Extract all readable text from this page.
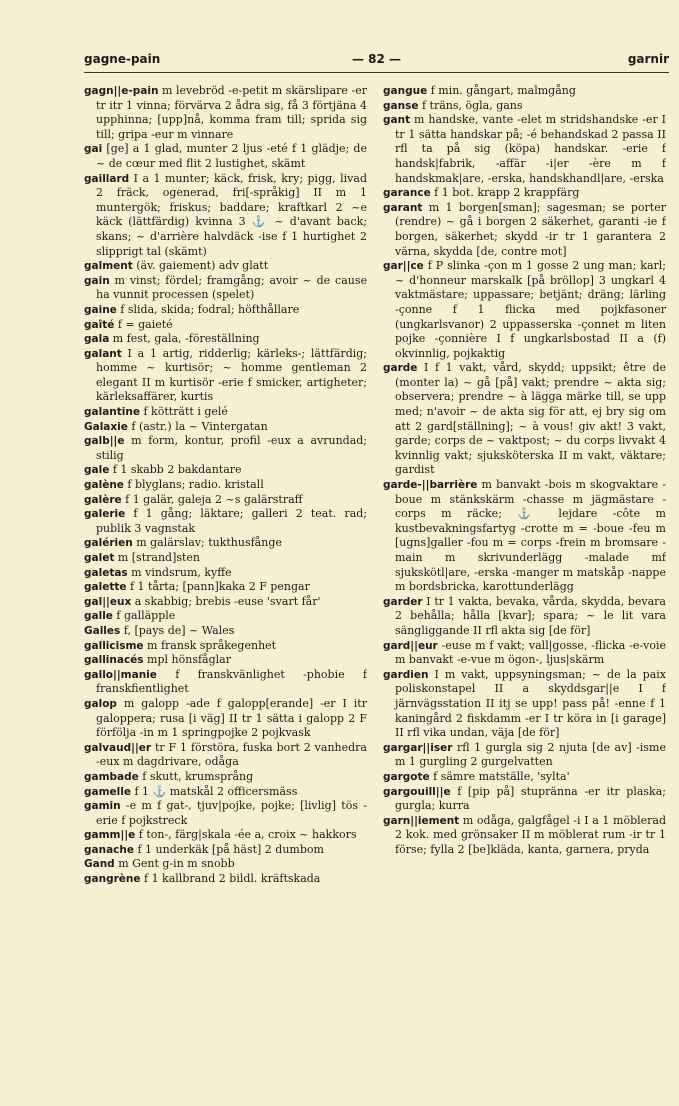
gagne-pain	— 82 —	garnir

gagn||e-pain m levebröd -e-petit m skärslipare -er tr itr 1 vinna; förvärva 2 ådra sig, få 3 förtjäna 4 upphinna; [upp]nå, komma fram till; sprida sig till; gripa -eur m vinnare

gai [ge] a 1 glad, munter 2 ljus -eté f 1 glädje; de ~ de cœur med flit 2 lustighet, skämt

gaillard I a 1 munter; käck, frisk, kry; pigg, livad 2 fräck, ogenerad, fri[-språkig] II m 1 muntergök; friskus; baddare; kraftkarl 2 ~e käck (lättfärdig) kvinna 3 ⚓ ~ d'avant back; skans; ~ d'arrière halvdäck -ise f 1 hurtighet 2 slipprigt tal (skämt)

galment (äv. gaiement) adv glatt

gain m vinst; fördel; framgång; avoir ~ de cause ha vunnit processen (spelet)

gaine f slida, skida; fodral; höfthållare

gaîté f = gaieté

gala m fest, gala, -föreställning

galant I a 1 artig, ridderlig; kärleks-; lättfärdig; homme ~ kurtisör; ~ homme gentleman 2 elegant II m kurtisör -erie f smicker, artigheter; kärleksaffärer, kurtis

galantine f kötträtt i gelé

Galaxie f (astr.) la ~ Vintergatan

galb||e m form, kontur, profil -eux a avrundad; stilig

gale f 1 skabb 2 bakdantare

galène f blyglans; radio. kristall

galère f 1 galär, galeja 2 ~s galärstraff

galerie f 1 gång; läktare; galleri 2 teat. rad; publik 3 vagnstak

galérien m galärslav; tukthusfånge

galet m [strand]sten

galetas m vindsrum, kyffe

galette f 1 tårta; [pann]kaka 2 F pengar

gal||eux a skabbig; brebis -euse 'svart får'

galle f galläpple

Galles f, [pays de] ~ Wales

gallicisme m fransk språkegenhet

gallinacés mpl hönsfåglar

gallo||manie f franskvänlighet -phobie f franskfientlighet

galop m galopp -ade f galopp[erande] -er I itr galoppera; rusa [i väg] II tr 1 sätta i galopp 2 F förfölja -in m 1 springpojke 2 pojkvask

galvaud||er tr F 1 förstöra, fuska bort 2 vanhedra -eux m dagdrivare, odåga

gambade f skutt, krumsprång

gamelle f 1 ⚓ matskål 2 officersmäss

gamin -e m f gat-, tjuv|pojke, pojke; [livlig] tös -erie f pojkstreck

gamm||e f ton-, färg|skala -ée a, croix ~ hakkors

ganache f 1 underkäk [på häst] 2 dumbom

Gand m Gent g-in m snobb

gangrène f 1 kallbrand 2 bildl. kräftskada

gangue f min. gångart, malmgång

ganse f träns, ögla, gans

gant m handske, vante -elet m stridshandske -er I tr 1 sätta handskar på; -é behandskad 2 passa II rfl ta på sig (köpa) handskar. -erie f handsk|fabrik, -affär -i|er -ère m f handskmak|are, -erska, handskhandl|are, -erska

garance f 1 bot. krapp 2 krappfärg

garant m 1 borgen[sman]; sagesman; se porter (rendre) ~ gå i borgen 2 säkerhet, garanti -ie f borgen, säkerhet; skydd -ir tr 1 garantera 2 värna, skydda [de, contre mot]

gar||ce f P slinka -çon m 1 gosse 2 ung man; karl; ~ d'honneur marskalk [på bröllop] 3 ungkarl 4 vaktmästare; uppassare; betjänt; dräng; lärling -çonne f 1 flicka med pojkfasoner (ungkarlsvanor) 2 uppasserska -çonnet m liten pojke -çonnière I f ungkarlsbostad II a (f) okvinnlig, pojkaktig

garde I f 1 vakt, vård, skydd; uppsikt; être de (monter la) ~ gå [på] vakt; prendre ~ akta sig; observera; prendre ~ à lägga märke till, se upp med; n'avoir ~ de akta sig för att, ej bry sig om att 2 gard[ställning]; ~ à vous! giv akt! 3 vakt, garde; corps de ~ vaktpost; ~ du corps livvakt 4 kvinnlig vakt; sjuksköterska II m vakt, väktare; gardist

garde-||barrière m banvakt -bois m skogvaktare -boue m stänkskärm -chasse m jägmästare -corps m räcke; ⚓ lejdare -côte m kustbevakningsfartyg -crotte m = -boue -feu m [ugns]galler -fou m = corps -frein m bromsare -main m skrivunderlägg -malade mf sjukskötl|are, -erska -manger m matskåp -nappe m bordsbricka, karottunderlägg

garder I tr 1 vakta, bevaka, vårda, skydda, bevara 2 behålla; hålla [kvar]; spara; ~ le lit vara sängliggande II rfl akta sig [de för]

gard||eur -euse m f vakt; vall|gosse, -flicka -e-voie m banvakt -e-vue m ögon-, ljus|skärm

gardien I m vakt, uppsyningsman; ~ de la paix poliskonstapel II a skyddsgar||e I f järnvägsstation II itj se upp! pass på! -enne f 1 kaningård 2 fiskdamm -er I tr köra in [i garage] II rfl vika undan, väja [de för]

gargar||iser rfl 1 gurgla sig 2 njuta [de av] -isme m 1 gurgling 2 gurgelvatten

gargote f sämre matställe, 'sylta'

gargouill||e f [pip på] stupränna -er itr plaska; gurgla; kurra

garn||iement m odåga, galgfågel -i I a 1 möblerad 2 kok. med grönsaker II m möblerat rum -ir tr 1 förse; fylla 2 [be]kläda, kanta, garnera, pryda
